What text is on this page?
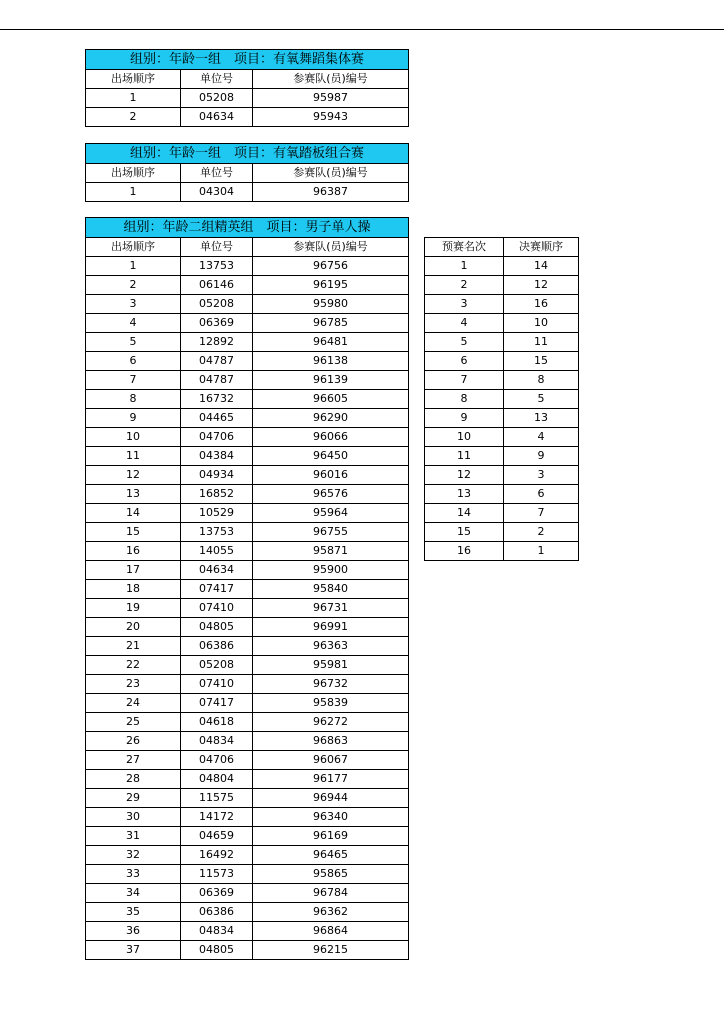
组别：年龄一组　项目：有氧舞蹈集体赛		
出场顺序	单位号	参赛队(员)编号
1	05208	95987
2	04634	95943
组别：年龄一组　项目：有氧踏板组合赛		
出场顺序	单位号	参赛队(员)编号
1	04304	96387
组别：年龄二组精英组　项目：男子单人操		
出场顺序	单位号	参赛队(员)编号
1	13753	96756
2	06146	96195
3	05208	95980
4	06369	96785
5	12892	96481
6	04787	96138
7	04787	96139
8	16732	96605
9	04465	96290
10	04706	96066
11	04384	96450
12	04934	96016
13	16852	96576
14	10529	95964
15	13753	96755
16	14055	95871
17	04634	95900
18	07417	95840
19	07410	96731
20	04805	96991
21	06386	96363
22	05208	95981
23	07410	96732
24	07417	95839
25	04618	96272
26	04834	96863
27	04706	96067
28	04804	96177
29	11575	96944
30	14172	96340
31	04659	96169
32	16492	96465
33	11573	95865
34	06369	96784
35	06386	96362
36	04834	96864
37	04805	96215
预赛名次	决赛顺序
1	14
2	12
3	16
4	10
5	11
6	15
7	8
8	5
9	13
10	4
11	9
12	3
13	6
14	7
15	2
16	1
